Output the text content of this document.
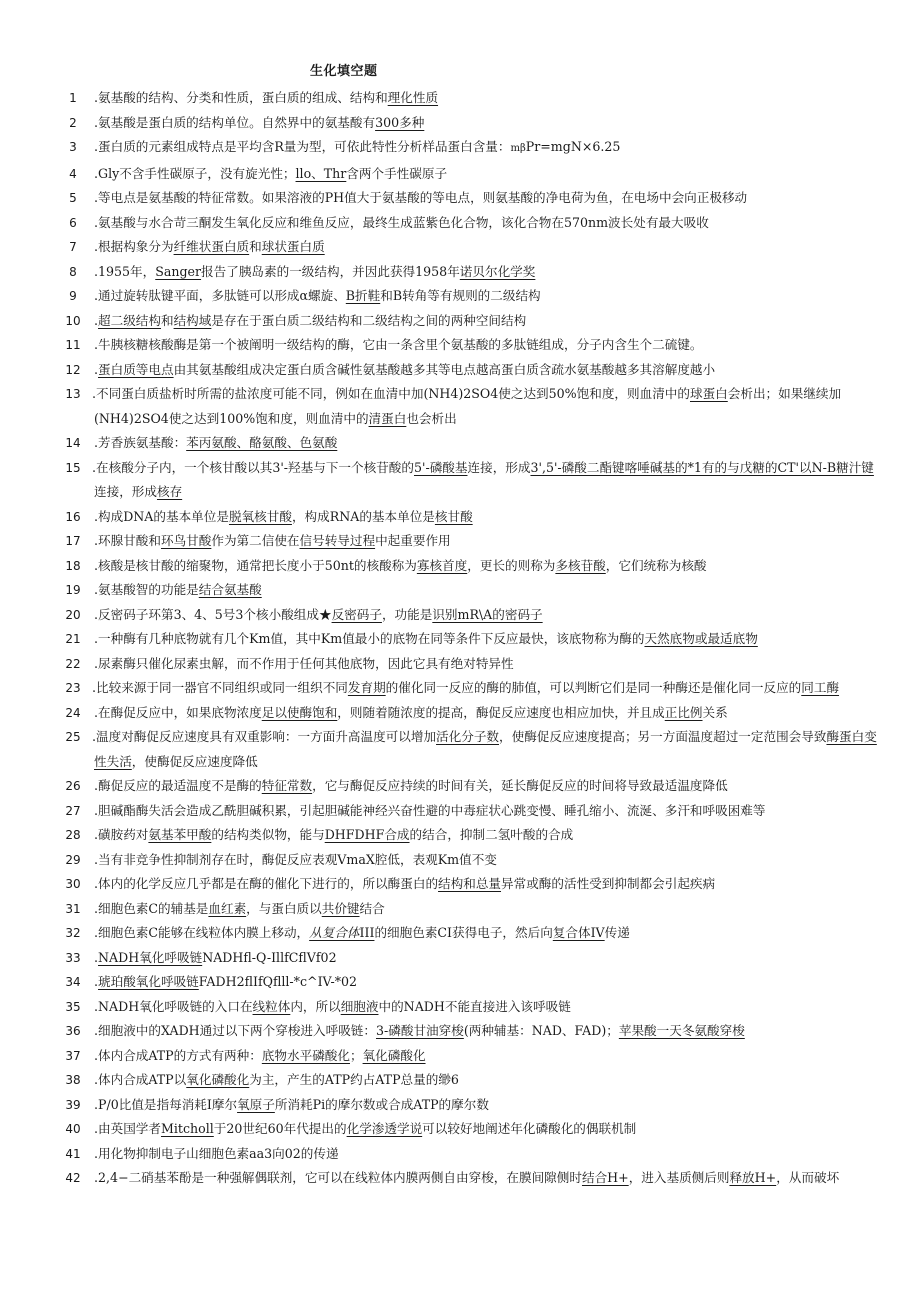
生化填空题
1	.氨基酸的结构、分类和性质，蛋白质的组成、结构和理化性质
2	.氨基酸是蛋白质的结构单位。自然界中的氨基酸有300多种
3	.蛋白质的元素组成特点是平均含R量为型，可依此特性分析样品蛋白含量：mβPr=mgN×6.25
4	.Gly不含手性碳原子，没有旋光性；llo、Thr含两个手性碳原子
5	.等电点是氨基酸的特征常数。如果溶液的PH值大于氨基酸的等电点，则氨基酸的净电荷为鱼，在电场中会向正极移动
6	.氨基酸与水合苛三酮发生氧化反应和维鱼反应，最终生成蓝紫色化合物，该化合物在570nm波长处有最大吸收
7	.根据构象分为纤维状蛋白质和球状蛋白质
8	.1955年，Sanger报告了胰岛素的一级结构，并因此获得1958年诺贝尔化学奖
9	.通过旋转肽键平面，多肽链可以形成α螺旋、B折鞋和B转角等有规则的二级结构
10	.超二级结构和结构域是存在于蛋白质二级结构和二级结构之间的两种空间结构
11	.牛胰核糖核酸酶是第一个被阐明一级结构的酶，它由一条含里个氨基酸的多肽链组成，分子内含生个二硫键。
12	.蛋白质等电点由其氨基酸组成决定蛋白质含碱性氨基酸越多其等电点越高蛋白质含疏水氨基酸越多其溶解度越小
13 .不同蛋白质盐析时所需的盐浓度可能不同，例如在血清中加(NH4)2SO4使之达到50%饱和度，则血清中的球蛋白会析出；如果继续加(NH4)2SO4使之达到100%饱和度，则血清中的清蛋白也会析出
14	.芳香族氨基酸：苯丙氨酸、酪氨酸、色氨酸
15 .在核酸分子内，一个核甘酸以其3'-羟基与下一个核苷酸的5'-磷酸基连接，形成3',5'-磷酸二酯键喀唾碱基的*1有的与戊糖的CT'以N-B糖汁键连接，形成核存
16	.构成DNA的基本单位是脱氧核甘酸，构成RNA的基本单位是核甘酸
17	.环腺甘酸和环鸟甘酸作为第二信使在信号转导过程中起重要作用
18	.核酸是核甘酸的缩聚物，通常把长度小于50nt的核酸称为寡核首度，更长的则称为多核苷酸，它们统称为核酸
19	.氨基酸智的功能是结合氨基酸
20	.反密码子环第3、4、5号3个核小酸组成★反密码子，功能是识别mR\A的密码子
21	.一种酶有几种底物就有几个Km值，其中Km值最小的底物在同等条件下反应最快，该底物称为酶的天然底物或最适底物
22	.尿素酶只催化尿素虫解，而不作用于任何其他底物，因此它具有绝对特异性
23 .比较来源于同一器官不同组织或同一组织不同发育期的催化同一反应的酶的肺值，可以判断它们是同一种酶还是催化同一反应的同工酶
24	.在酶促反应中，如果底物浓度足以使酶饱和，则随着随浓度的提高，酶促反应速度也相应加快，并且成正比例关系
25 .温度对酶促反应速度具有双重影响：一方面升高温度可以增加活化分子数，使酶促反应速度提高；另一方面温度超过一定范围会导致酶蛋白变性失活，使酶促反应速度降低
26	.酶促反应的最适温度不是酶的特征常数，它与酶促反应持续的时间有关，延长酶促反应的时间将导致最适温度降低
27	.胆碱酯酶失活会造成乙酰胆碱积累，引起胆碱能神经兴奋性避的中毒症状心跳变慢、睡孔缩小、流涎、多汗和呼吸困难等
28	.磺胺药对氨基苯甲酸的结构类似物，能与DHFDHF合成的结合，抑制二氢叶酸的合成
29	.当有非竞争性抑制剂存在时，酶促反应表观VmaX腔低，表观Km值不变
30	.体内的化学反应几乎都是在酶的催化下进行的，所以酶蛋白的结构和总量异常或酶的活性受到抑制都会引起疾病
31	.细胞色素C的辅基是血红素，与蛋白质以共价键结合
32	.细胞色素C能够在线粒体内膜上移动，从复合体III的细胞色素CI获得电子，然后向复合体IV传递
33	.NADH氧化呼吸链NADHfl-Q-IllfCflVf02
34	.琥珀酸氧化呼吸链FADH2flIfQflll-*c^IV-*02
35	.NADH氧化呼吸链的入口在线粒体内，所以细胞液中的NADH不能直接进入该呼吸链
36	.细胞液中的XADH通过以下两个穿梭进入呼吸链：3-磷酸甘油穿梭(两种辅基：NAD、FAD)；苹果酸一天冬氨酸穿梭
37	.体内合成ATP的方式有两种：底物水平磷酸化；氧化磷酸化
38	.体内合成ATP以氧化磷酸化为主，产生的ATP约占ATP总量的缈6
39	.P/0比值是指每消耗I摩尔氧原子所消耗Pi的摩尔数或合成ATP的摩尔数
40	.由英国学者Mitcholl于20世纪60年代提出的化学渗透学说可以较好地阐述年化磷酸化的偶联机制
41	.用化物抑制电子山细胞色素aa3向02的传递
42	.2,4−二硝基苯酚是一种强解偶联剂，它可以在线粒体内膜两侧自由穿梭，在膜间隙侧时结合H+，进入基质侧后则释放H+，从而破坏
